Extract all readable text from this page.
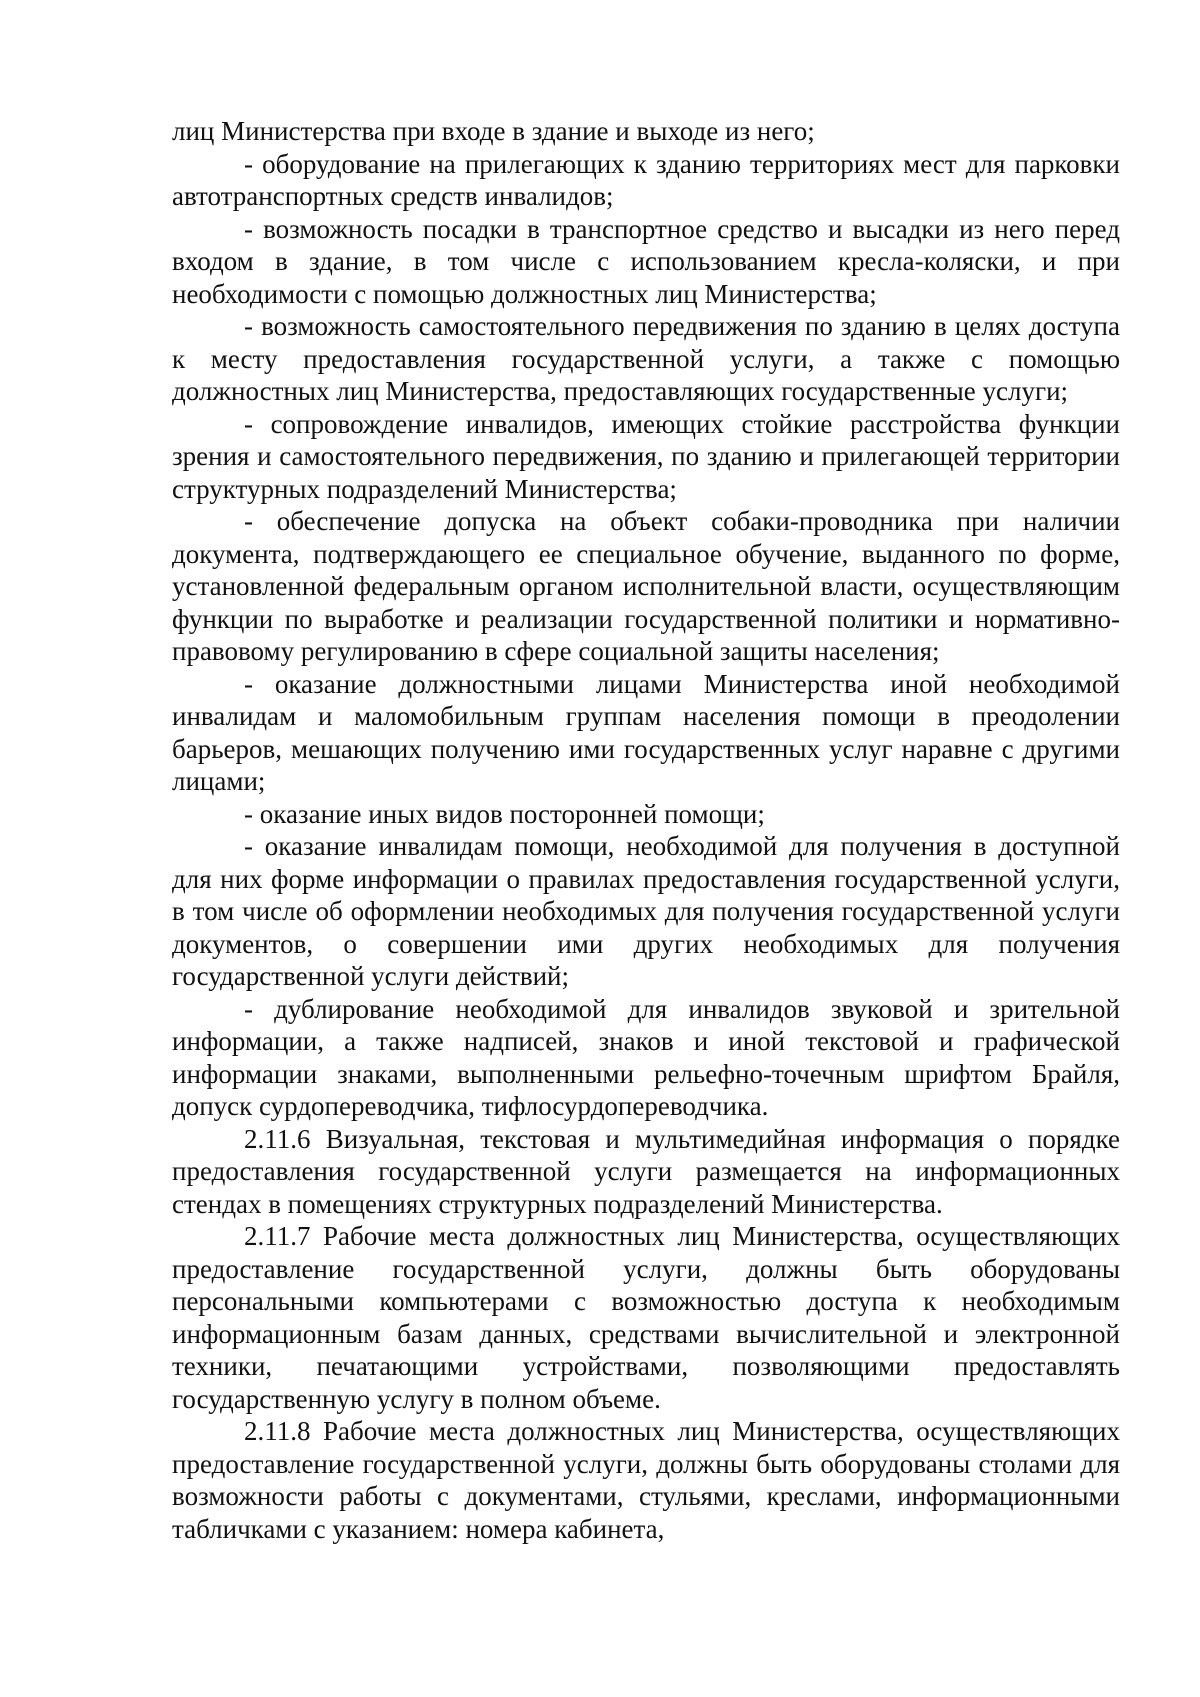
лиц Министерства при входе в здание и выходе из него;

- оборудование на прилегающих к зданию территориях мест для парковки автотранспортных средств инвалидов;

- возможность посадки в транспортное средство и высадки из него перед входом в здание, в том числе с использованием кресла-коляски, и при необходимости с помощью должностных лиц Министерства;

- возможность самостоятельного передвижения по зданию в целях доступа к месту предоставления государственной услуги, а также с помощью должностных лиц Министерства, предоставляющих государственные услуги;

- сопровождение инвалидов, имеющих стойкие расстройства функции зрения и самостоятельного передвижения, по зданию и прилегающей территории структурных подразделений Министерства;

- обеспечение допуска на объект собаки-проводника при наличии документа, подтверждающего ее специальное обучение, выданного по форме, установленной федеральным органом исполнительной власти, осуществляющим функции по выработке и реализации государственной политики и нормативно-правовому регулированию в сфере социальной защиты населения;

- оказание должностными лицами Министерства иной необходимой инвалидам и маломобильным группам населения помощи в преодолении барьеров, мешающих получению ими государственных услуг наравне с другими лицами;

- оказание иных видов посторонней помощи;

- оказание инвалидам помощи, необходимой для получения в доступной для них форме информации о правилах предоставления государственной услуги, в том числе об оформлении необходимых для получения государственной услуги документов, о совершении ими других необходимых для получения государственной услуги действий;

- дублирование необходимой для инвалидов звуковой и зрительной информации, а также надписей, знаков и иной текстовой и графической информации знаками, выполненными рельефно-точечным шрифтом Брайля, допуск сурдопереводчика, тифлосурдопереводчика.

2.11.6 Визуальная, текстовая и мультимедийная информация о порядке предоставления государственной услуги размещается на информационных стендах в помещениях структурных подразделений Министерства.

2.11.7 Рабочие места должностных лиц Министерства, осуществляющих предоставление государственной услуги, должны быть оборудованы персональными компьютерами с возможностью доступа к необходимым информационным базам данных, средствами вычислительной и электронной техники, печатающими устройствами, позволяющими предоставлять государственную услугу в полном объеме.

2.11.8 Рабочие места должностных лиц Министерства, осуществляющих предоставление государственной услуги, должны быть оборудованы столами для возможности работы с документами, стульями, креслами, информационными табличками с указанием: номера кабинета,
